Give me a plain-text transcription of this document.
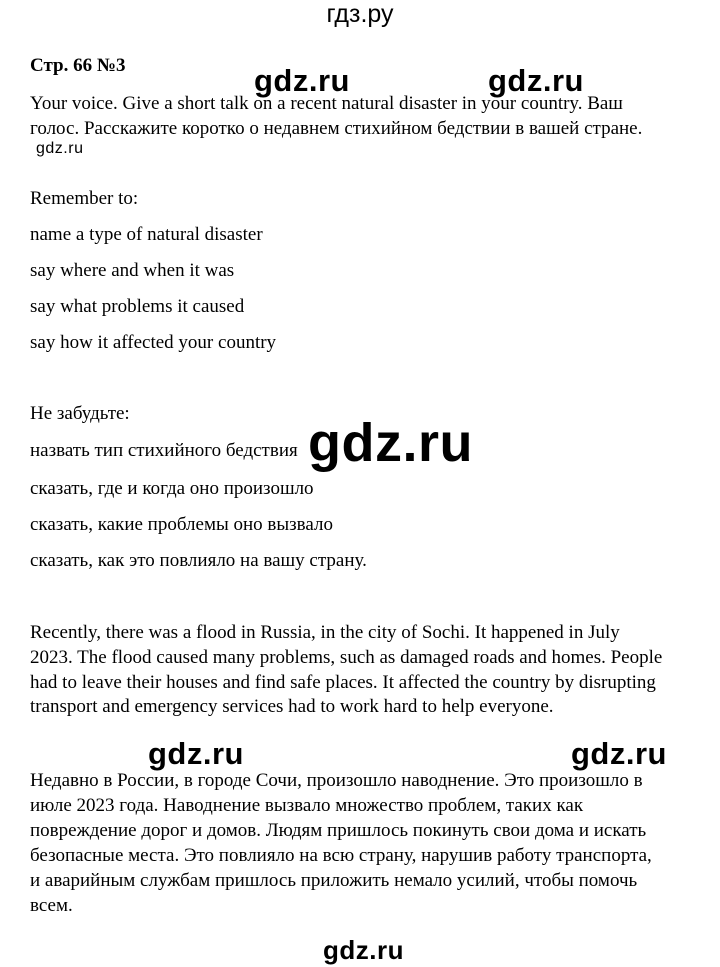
гдз.ру
Стр. 66 №3

Your voice. Give a short talk on a recent natural disaster in your country. Ваш

голос. Расскажите коротко о недавнем стихийном бедствии в вашей стране.

Remember to:

name a type of natural disaster

say where and when it was

say what problems it caused

say how it affected your country

Не забудьте:

назвать тип стихийного бедствия

сказать, где и когда оно произошло

сказать, какие проблемы оно вызвало

сказать, как это повлияло на вашу страну.

Recently, there was a flood in Russia, in the city of Sochi. It happened in July

2023. The flood caused many problems, such as damaged roads and homes. People

had to leave their houses and find safe places. It affected the country by disrupting

transport and emergency services had to work hard to help everyone.

Недавно в России, в городе Сочи, произошло наводнение. Это произошло в

июле 2023 года. Наводнение вызвало множество проблем, таких как

повреждение дорог и домов. Людям пришлось покинуть свои дома и искать

безопасные места. Это повлияло на всю страну, нарушив работу транспорта,

и аварийным службам пришлось приложить немало усилий, чтобы помочь

всем.

gdz.ru	gdz.ru
gdz.ru
gdz.ru
gdz.ru	gdz.ru
gdz.ru
